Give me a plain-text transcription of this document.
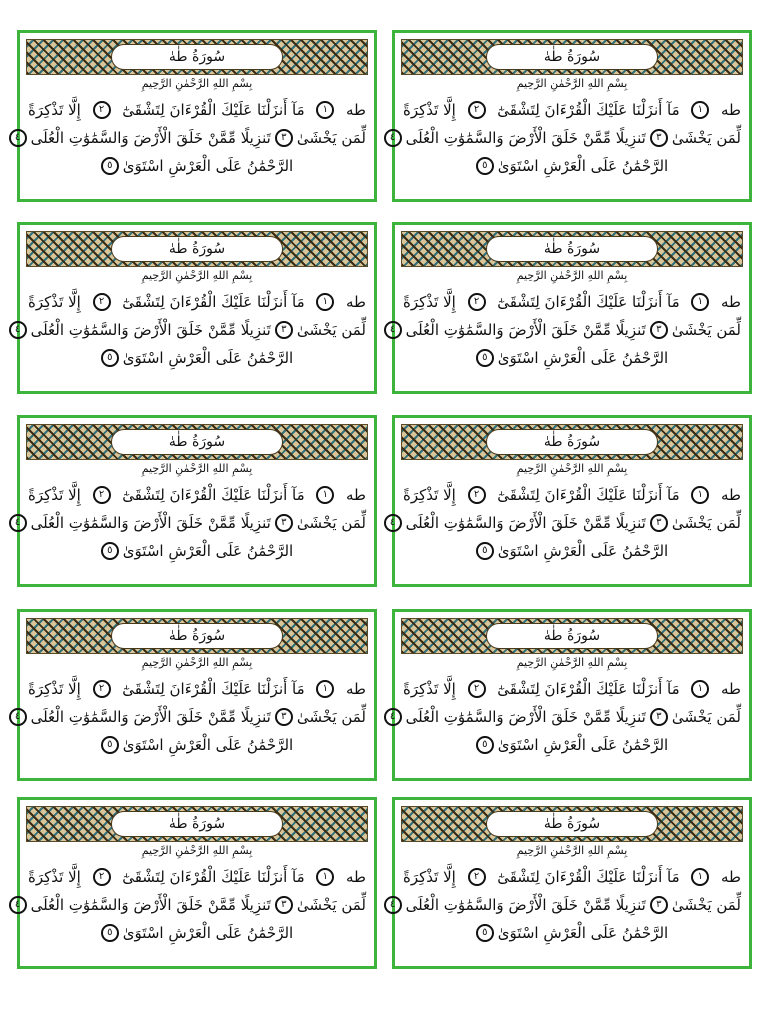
سُورَةُ طٰهٰ
بِسْمِ اللهِ الرَّحْمٰنِ الرَّحِيمِ
طه
١
مَآ أَنزَلْنَا عَلَيْكَ الْقُرْءَانَ لِتَشْقَىٰٓ
٢
إِلَّا تَذْكِرَةً
لِّمَن يَخْشَىٰ
٣
تَنزِيلًا مِّمَّنْ خَلَقَ الْأَرْضَ وَالسَّمَٰوَٰتِ الْعُلَى
٤
الرَّحْمَٰنُ عَلَى الْعَرْشِ اسْتَوَىٰ
٥
سُورَةُ طٰهٰ
بِسْمِ اللهِ الرَّحْمٰنِ الرَّحِيمِ
طه
١
مَآ أَنزَلْنَا عَلَيْكَ الْقُرْءَانَ لِتَشْقَىٰٓ
٢
إِلَّا تَذْكِرَةً
لِّمَن يَخْشَىٰ
٣
تَنزِيلًا مِّمَّنْ خَلَقَ الْأَرْضَ وَالسَّمَٰوَٰتِ الْعُلَى
٤
الرَّحْمَٰنُ عَلَى الْعَرْشِ اسْتَوَىٰ
٥
سُورَةُ طٰهٰ
بِسْمِ اللهِ الرَّحْمٰنِ الرَّحِيمِ
طه
١
مَآ أَنزَلْنَا عَلَيْكَ الْقُرْءَانَ لِتَشْقَىٰٓ
٢
إِلَّا تَذْكِرَةً
لِّمَن يَخْشَىٰ
٣
تَنزِيلًا مِّمَّنْ خَلَقَ الْأَرْضَ وَالسَّمَٰوَٰتِ الْعُلَى
٤
الرَّحْمَٰنُ عَلَى الْعَرْشِ اسْتَوَىٰ
٥
سُورَةُ طٰهٰ
بِسْمِ اللهِ الرَّحْمٰنِ الرَّحِيمِ
طه
١
مَآ أَنزَلْنَا عَلَيْكَ الْقُرْءَانَ لِتَشْقَىٰٓ
٢
إِلَّا تَذْكِرَةً
لِّمَن يَخْشَىٰ
٣
تَنزِيلًا مِّمَّنْ خَلَقَ الْأَرْضَ وَالسَّمَٰوَٰتِ الْعُلَى
٤
الرَّحْمَٰنُ عَلَى الْعَرْشِ اسْتَوَىٰ
٥
سُورَةُ طٰهٰ
بِسْمِ اللهِ الرَّحْمٰنِ الرَّحِيمِ
طه
١
مَآ أَنزَلْنَا عَلَيْكَ الْقُرْءَانَ لِتَشْقَىٰٓ
٢
إِلَّا تَذْكِرَةً
لِّمَن يَخْشَىٰ
٣
تَنزِيلًا مِّمَّنْ خَلَقَ الْأَرْضَ وَالسَّمَٰوَٰتِ الْعُلَى
٤
الرَّحْمَٰنُ عَلَى الْعَرْشِ اسْتَوَىٰ
٥
سُورَةُ طٰهٰ
بِسْمِ اللهِ الرَّحْمٰنِ الرَّحِيمِ
طه
١
مَآ أَنزَلْنَا عَلَيْكَ الْقُرْءَانَ لِتَشْقَىٰٓ
٢
إِلَّا تَذْكِرَةً
لِّمَن يَخْشَىٰ
٣
تَنزِيلًا مِّمَّنْ خَلَقَ الْأَرْضَ وَالسَّمَٰوَٰتِ الْعُلَى
٤
الرَّحْمَٰنُ عَلَى الْعَرْشِ اسْتَوَىٰ
٥
سُورَةُ طٰهٰ
بِسْمِ اللهِ الرَّحْمٰنِ الرَّحِيمِ
طه
١
مَآ أَنزَلْنَا عَلَيْكَ الْقُرْءَانَ لِتَشْقَىٰٓ
٢
إِلَّا تَذْكِرَةً
لِّمَن يَخْشَىٰ
٣
تَنزِيلًا مِّمَّنْ خَلَقَ الْأَرْضَ وَالسَّمَٰوَٰتِ الْعُلَى
٤
الرَّحْمَٰنُ عَلَى الْعَرْشِ اسْتَوَىٰ
٥
سُورَةُ طٰهٰ
بِسْمِ اللهِ الرَّحْمٰنِ الرَّحِيمِ
طه
١
مَآ أَنزَلْنَا عَلَيْكَ الْقُرْءَانَ لِتَشْقَىٰٓ
٢
إِلَّا تَذْكِرَةً
لِّمَن يَخْشَىٰ
٣
تَنزِيلًا مِّمَّنْ خَلَقَ الْأَرْضَ وَالسَّمَٰوَٰتِ الْعُلَى
٤
الرَّحْمَٰنُ عَلَى الْعَرْشِ اسْتَوَىٰ
٥
سُورَةُ طٰهٰ
بِسْمِ اللهِ الرَّحْمٰنِ الرَّحِيمِ
طه
١
مَآ أَنزَلْنَا عَلَيْكَ الْقُرْءَانَ لِتَشْقَىٰٓ
٢
إِلَّا تَذْكِرَةً
لِّمَن يَخْشَىٰ
٣
تَنزِيلًا مِّمَّنْ خَلَقَ الْأَرْضَ وَالسَّمَٰوَٰتِ الْعُلَى
٤
الرَّحْمَٰنُ عَلَى الْعَرْشِ اسْتَوَىٰ
٥
سُورَةُ طٰهٰ
بِسْمِ اللهِ الرَّحْمٰنِ الرَّحِيمِ
طه
١
مَآ أَنزَلْنَا عَلَيْكَ الْقُرْءَانَ لِتَشْقَىٰٓ
٢
إِلَّا تَذْكِرَةً
لِّمَن يَخْشَىٰ
٣
تَنزِيلًا مِّمَّنْ خَلَقَ الْأَرْضَ وَالسَّمَٰوَٰتِ الْعُلَى
٤
الرَّحْمَٰنُ عَلَى الْعَرْشِ اسْتَوَىٰ
٥
